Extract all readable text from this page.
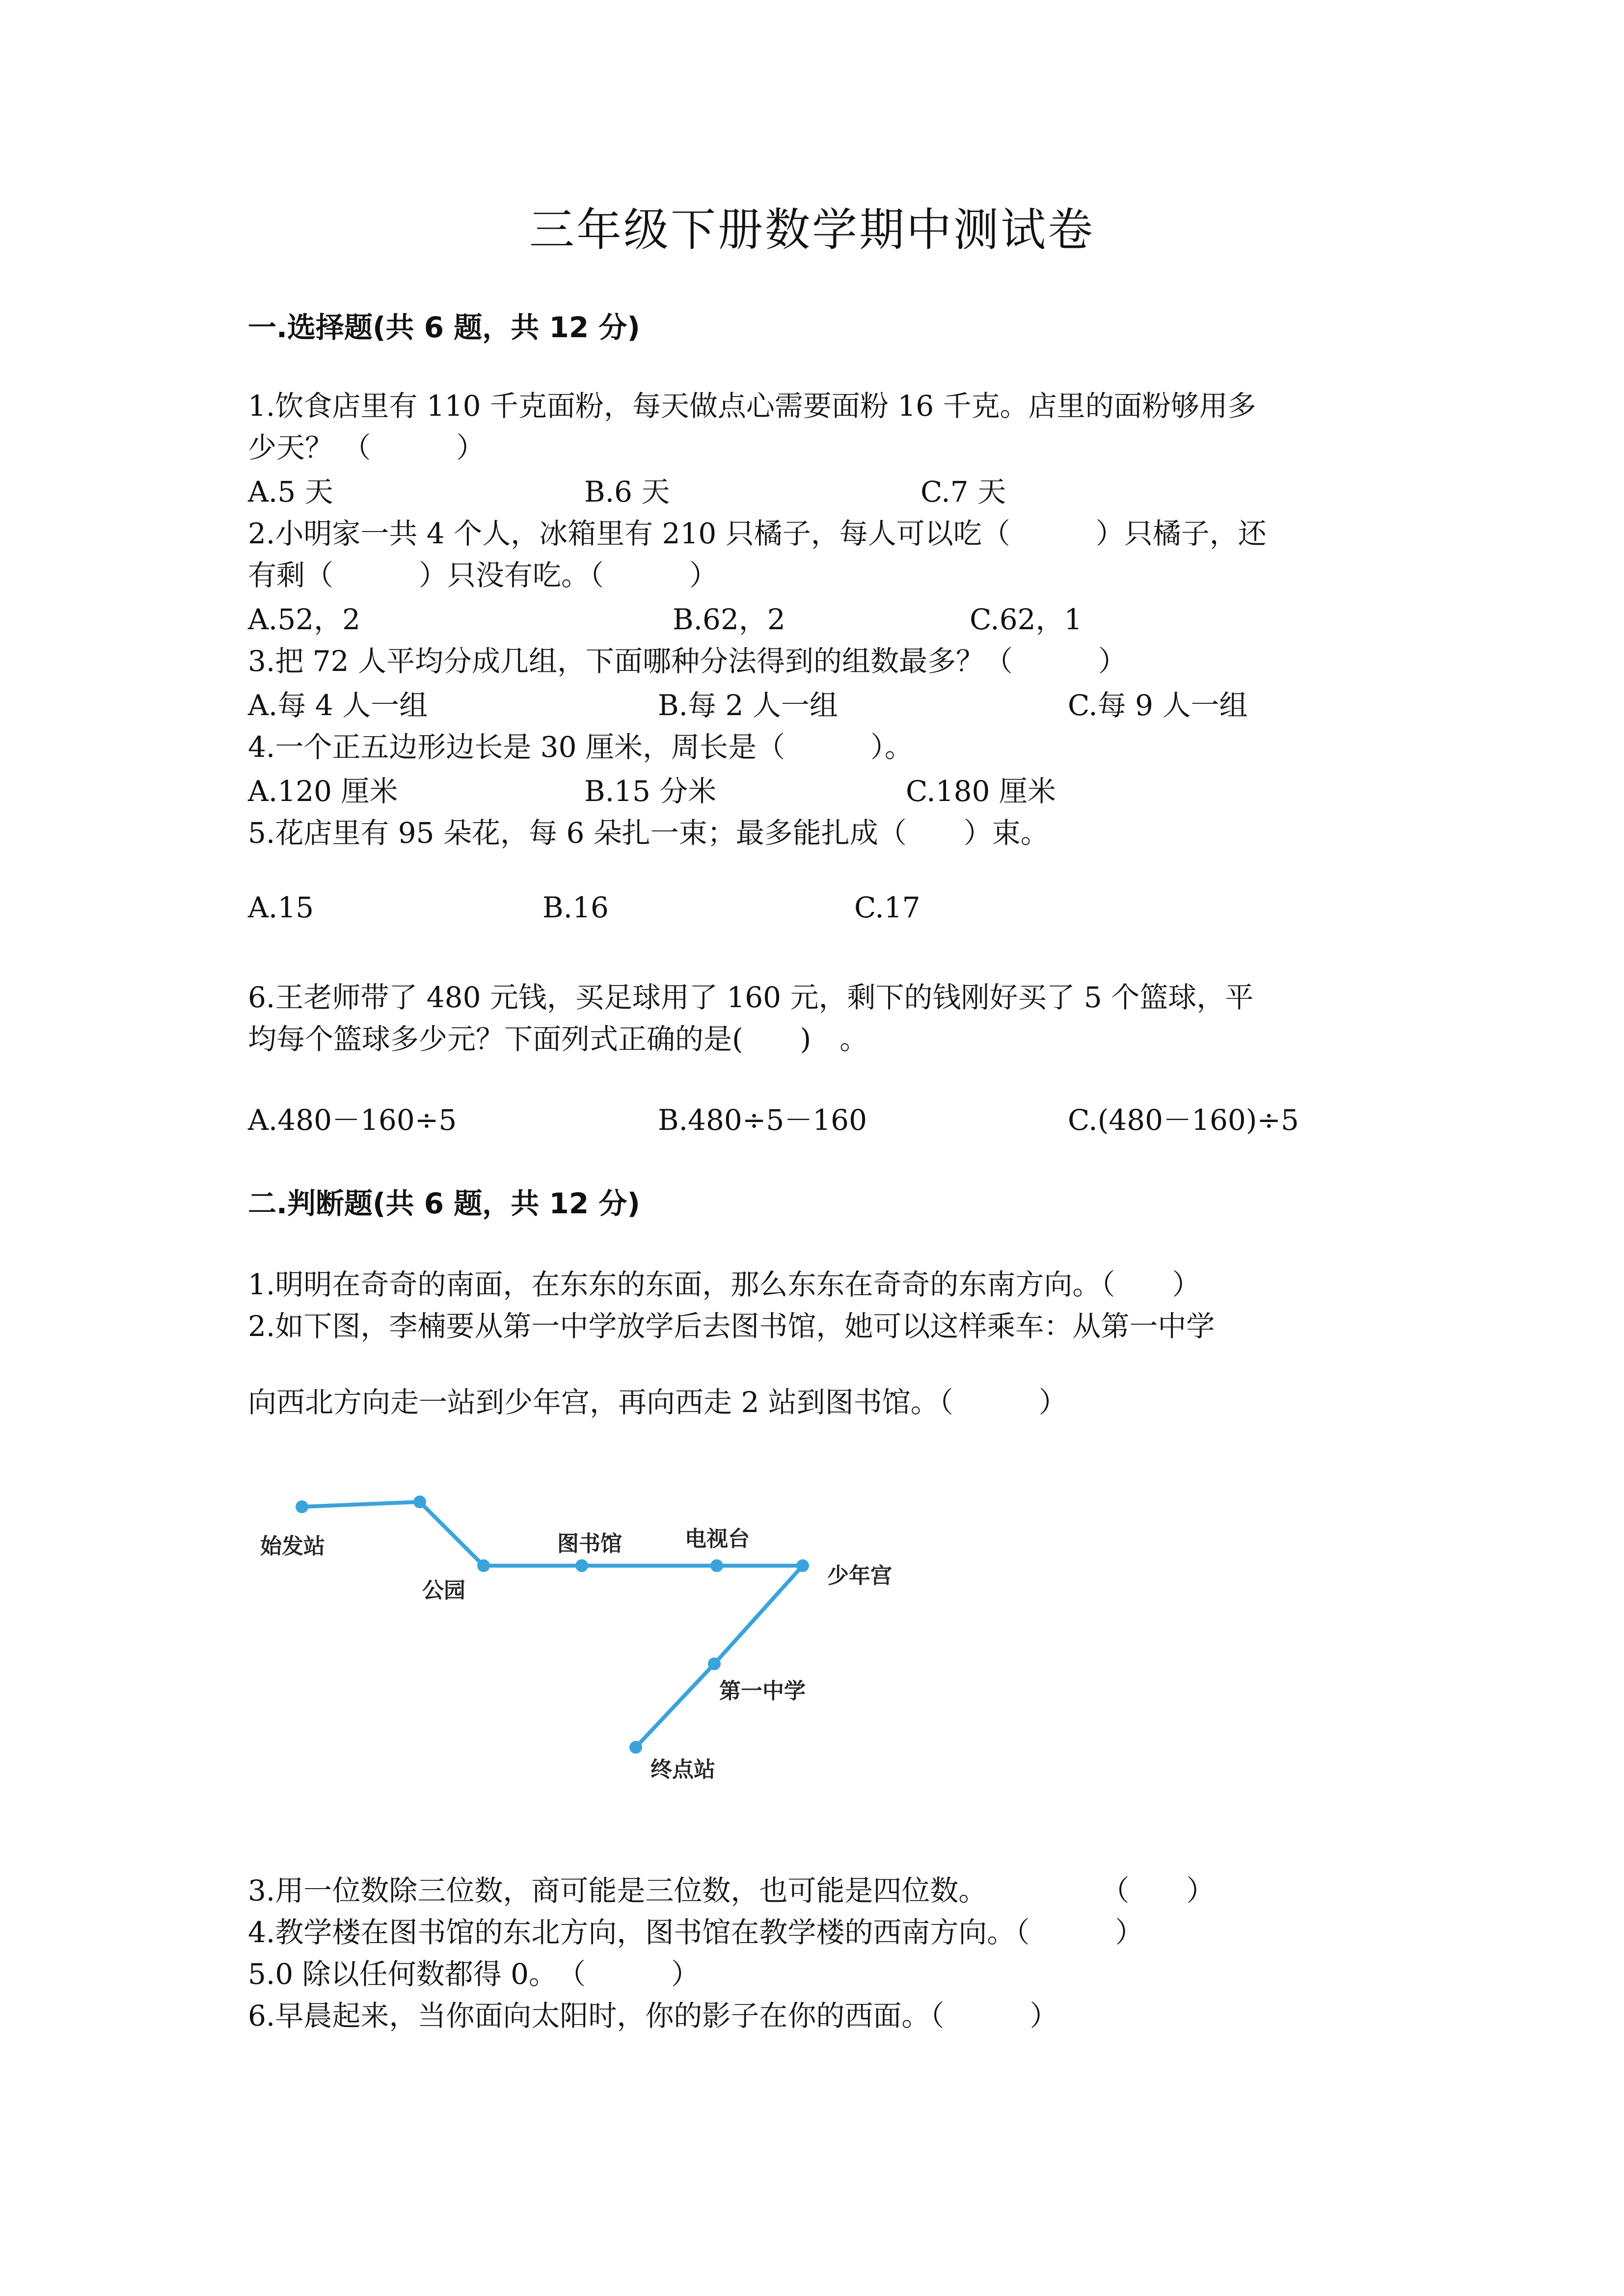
三年级下册数学期中测试卷
一.选择题(共 6 题，共 12 分)
1.饮食店里有 110 千克面粉，每天做点心需要面粉 16 千克。店里的面粉够用多
少天？ （　　　）
A.5 天	B.6 天	C.7 天
2.小明家一共 4 个人，冰箱里有 210 只橘子，每人可以吃（　　　）只橘子，还
有剩（　　　）只没有吃。（　　　）
A.52，2	B.62，2	C.62，1
3.把 72 人平均分成几组，下面哪种分法得到的组数最多？（　　　）
A.每 4 人一组	B.每 2 人一组	C.每 9 人一组
4.一个正五边形边长是 30 厘米，周长是（　　　）。
A.120 厘米	B.15 分米	C.180 厘米
5.花店里有 95 朵花，每 6 朵扎一束；最多能扎成（　　）束。
A.15	B.16	C.17
6.王老师带了 480 元钱，买足球用了 160 元，剩下的钱刚好买了 5 个篮球，平
均每个篮球多少元？下面列式正确的是(　　)　。
A.480－160÷5	B.480÷5－160	C.(480－160)÷5
二.判断题(共 6 题，共 12 分)
1.明明在奇奇的南面，在东东的东面，那么东东在奇奇的东南方向。（　　）
2.如下图，李楠要从第一中学放学后去图书馆，她可以这样乘车：从第一中学
向西北方向走一站到少年宫，再向西走 2 站到图书馆。（　　　）
始发站
公园
图书馆	电视台
少年宫
第一中学
终点站
3.用一位数除三位数，商可能是三位数，也可能是四位数。　　　　　（　　）
4.教学楼在图书馆的东北方向，图书馆在教学楼的西南方向。（　　　）
5.0 除以任何数都得 0。　（　　　）
6.早晨起来，当你面向太阳时，你的影子在你的西面。（　　　）
